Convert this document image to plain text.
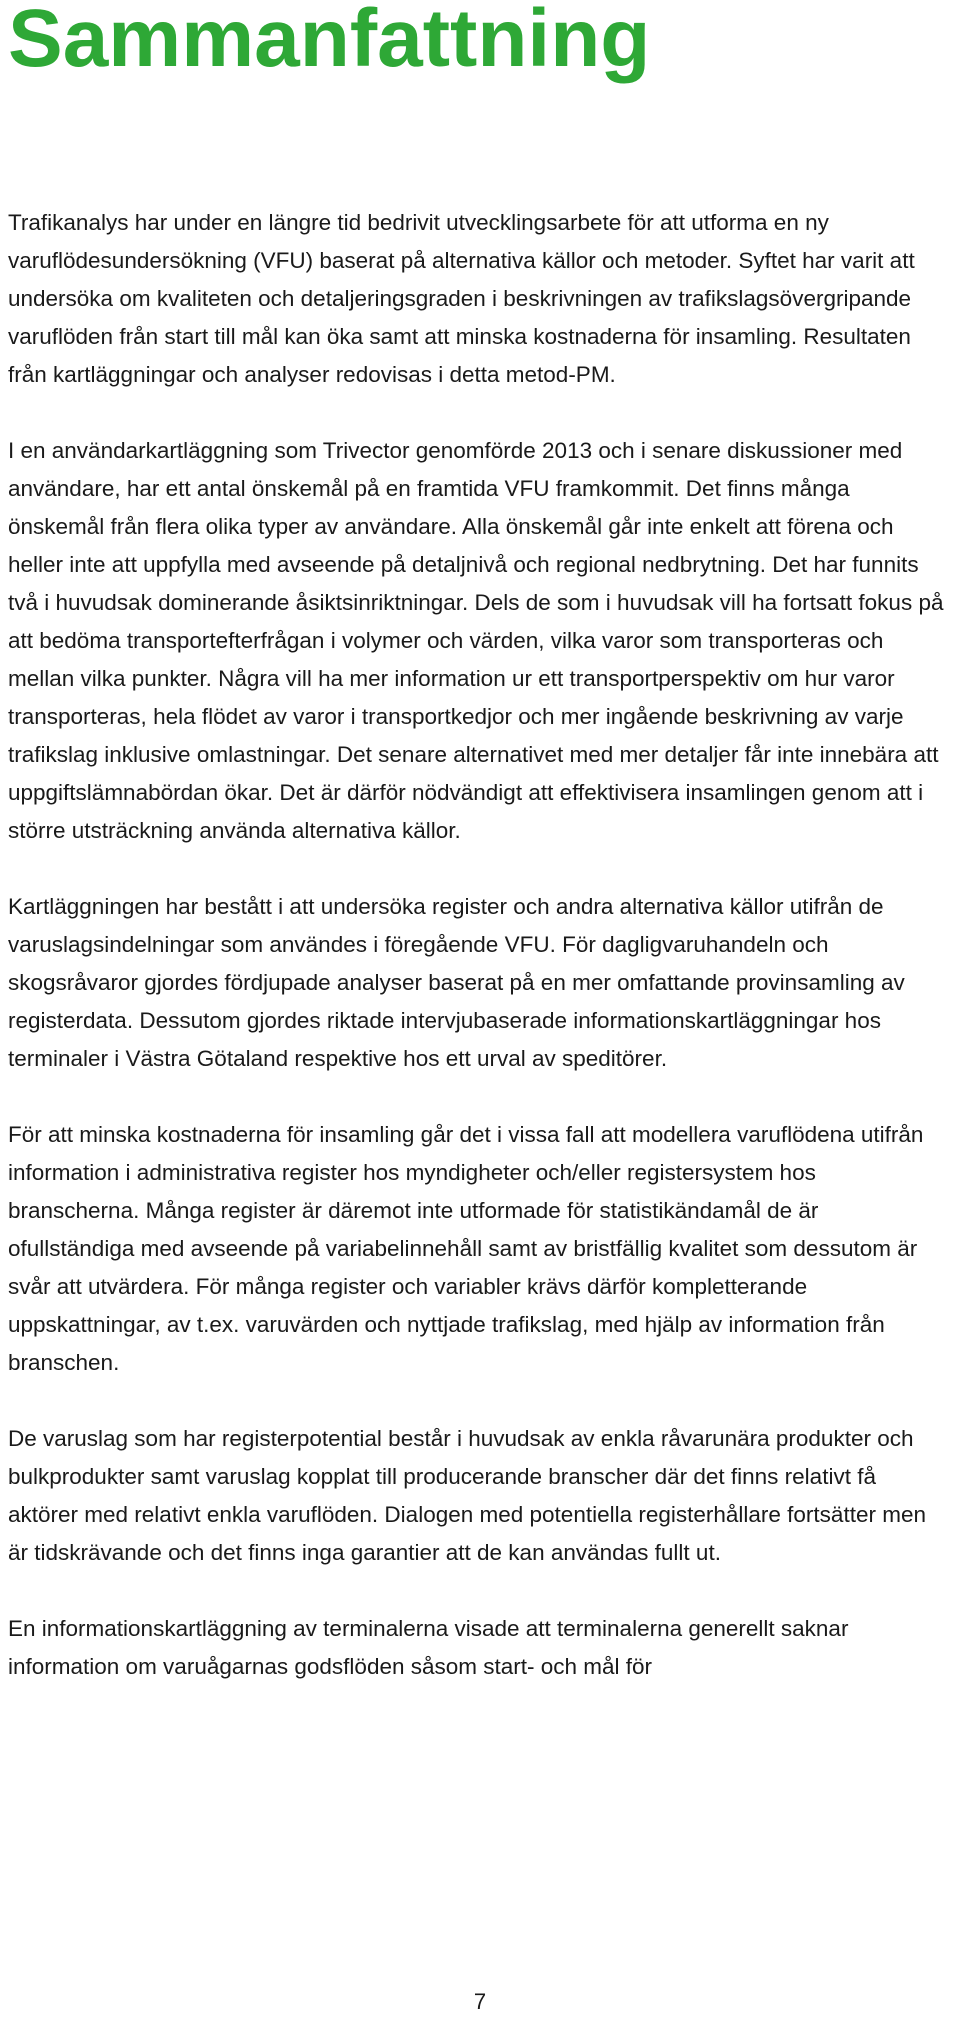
Sammanfattning

Trafikanalys har under en längre tid bedrivit utvecklingsarbete för att utforma en ny varuflödesundersökning (VFU) baserat på alternativa källor och metoder. Syftet har varit att undersöka om kvaliteten och detaljeringsgraden i beskrivningen av trafikslagsövergripande varuflöden från start till mål kan öka samt att minska kostnaderna för insamling. Resultaten från kartläggningar och analyser redovisas i detta metod-PM.

I en användarkartläggning som Trivector genomförde 2013 och i senare diskussioner med användare, har ett antal önskemål på en framtida VFU framkommit. Det finns många önskemål från flera olika typer av användare. Alla önskemål går inte enkelt att förena och heller inte att uppfylla med avseende på detaljnivå och regional nedbrytning. Det har funnits två i huvudsak dominerande åsiktsinriktningar. Dels de som i huvudsak vill ha fortsatt fokus på att bedöma transportefterfrågan i volymer och värden, vilka varor som transporteras och mellan vilka punkter. Några vill ha mer information ur ett transportperspektiv om hur varor transporteras, hela flödet av varor i transportkedjor och mer ingående beskrivning av varje trafikslag inklusive omlastningar. Det senare alternativet med mer detaljer får inte innebära att uppgiftslämnabördan ökar. Det är därför nödvändigt att effektivisera insamlingen genom att i större utsträckning använda alternativa källor.

Kartläggningen har bestått i att undersöka register och andra alternativa källor utifrån de varuslagsindelningar som användes i föregående VFU. För dagligvaruhandeln och skogsråvaror gjordes fördjupade analyser baserat på en mer omfattande provinsamling av registerdata. Dessutom gjordes riktade intervjubaserade informationskartläggningar hos terminaler i Västra Götaland respektive hos ett urval av speditörer.

För att minska kostnaderna för insamling går det i vissa fall att modellera varuflödena utifrån information i administrativa register hos myndigheter och/eller registersystem hos branscherna. Många register är däremot inte utformade för statistikändamål de är ofullständiga med avseende på variabelinnehåll samt av bristfällig kvalitet som dessutom är svår att utvärdera. För många register och variabler krävs därför kompletterande uppskattningar, av t.ex. varuvärden och nyttjade trafikslag, med hjälp av information från branschen.

De varuslag som har registerpotential består i huvudsak av enkla råvarunära produkter och bulkprodukter samt varuslag kopplat till producerande branscher där det finns relativt få aktörer med relativt enkla varuflöden. Dialogen med potentiella registerhållare fortsätter men är tidskrävande och det finns inga garantier att de kan användas fullt ut.

En informationskartläggning av terminalerna visade att terminalerna generellt saknar information om varuågarnas godsflöden såsom start- och mål för

7
